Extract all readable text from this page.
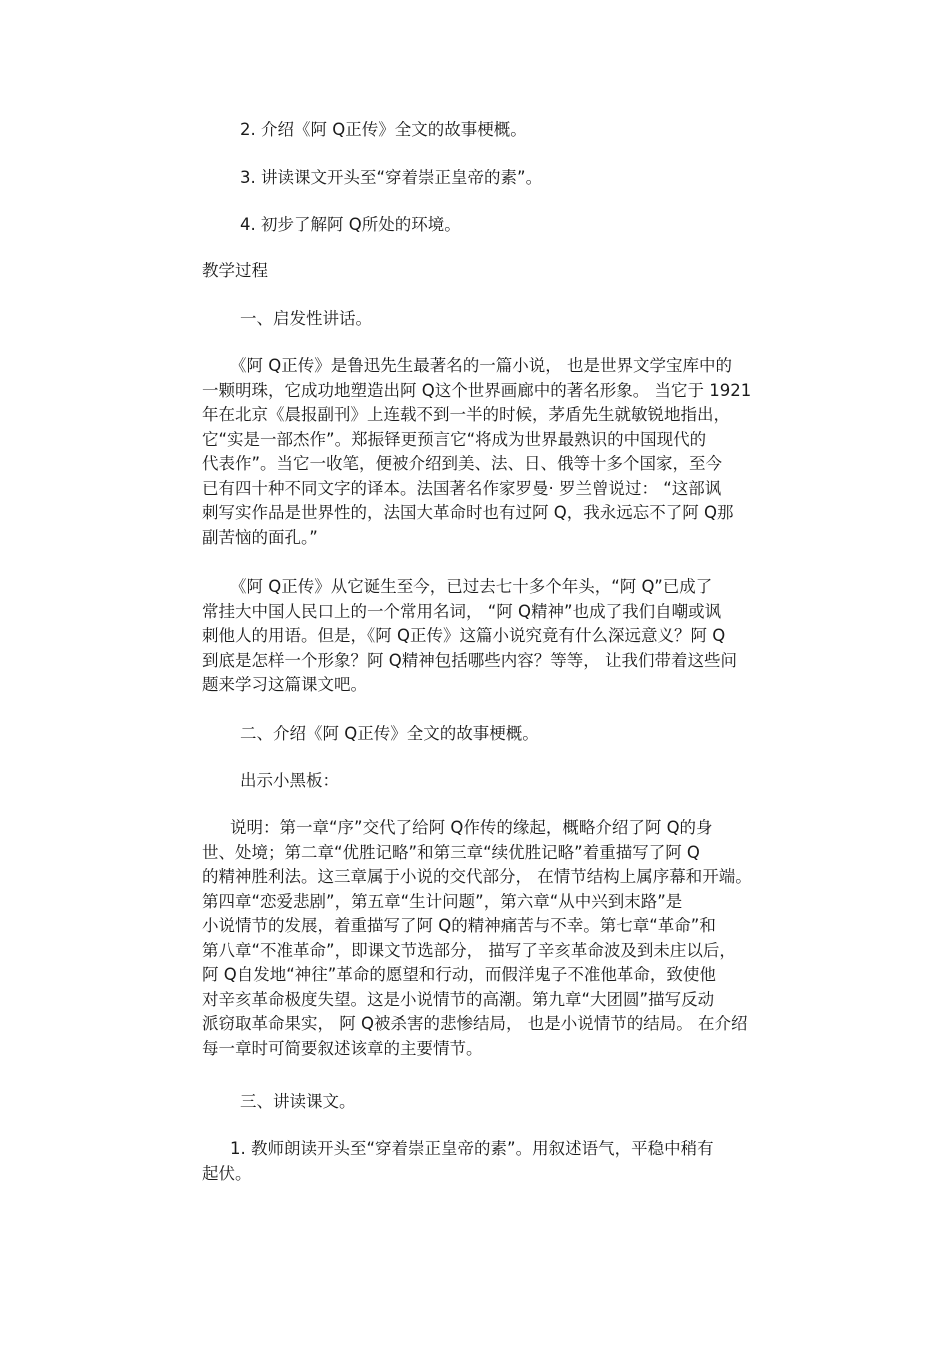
2. 介绍《阿 Q正传》全文的故事梗概。
3. 讲读课文开头至“穿着崇正皇帝的素”。
4. 初步了解阿 Q所处的环境。
教学过程
一、启发性讲话。
《阿 Q正传》是鲁迅先生最著名的一篇小说， 也是世界文学宝库中的
一颗明珠，它成功地塑造出阿 Q这个世界画廊中的著名形象。 当它于 1921
年在北京《晨报副刊》上连载不到一半的时候，茅盾先生就敏锐地指出，
它“实是一部杰作”。郑振铎更预言它“将成为世界最熟识的中国现代的
代表作”。当它一收笔，便被介绍到美、法、日、俄等十多个国家，至今
已有四十种不同文字的译本。法国著名作家罗曼· 罗兰曾说过： “这部讽
刺写实作品是世界性的，法国大革命时也有过阿 Q，我永远忘不了阿 Q那
副苦恼的面孔。”
《阿 Q正传》从它诞生至今，已过去七十多个年头，“阿 Q”已成了
常挂大中国人民口上的一个常用名词， “阿 Q精神”也成了我们自嘲或讽
刺他人的用语。但是，《阿 Q正传》这篇小说究竟有什么深远意义？阿 Q
到底是怎样一个形象？阿 Q精神包括哪些内容？等等， 让我们带着这些问
题来学习这篇课文吧。
二、介绍《阿 Q正传》全文的故事梗概。
出示小黑板：
说明：第一章“序”交代了给阿 Q作传的缘起，概略介绍了阿 Q的身
世、处境；第二章“优胜记略”和第三章“续优胜记略”着重描写了阿 Q
的精神胜利法。这三章属于小说的交代部分， 在情节结构上属序幕和开端。
第四章“恋爱悲剧”，第五章“生计问题”，第六章“从中兴到末路”是
小说情节的发展，着重描写了阿 Q的精神痛苦与不幸。第七章“革命”和
第八章“不准革命”，即课文节选部分， 描写了辛亥革命波及到未庄以后，
阿 Q自发地“神往”革命的愿望和行动，而假洋鬼子不准他革命，致使他
对辛亥革命极度失望。这是小说情节的高潮。第九章“大团圆”描写反动
派窃取革命果实， 阿 Q被杀害的悲惨结局， 也是小说情节的结局。 在介绍
每一章时可简要叙述该章的主要情节。
三、讲读课文。
1. 教师朗读开头至“穿着崇正皇帝的素”。用叙述语气，平稳中稍有
起伏。
